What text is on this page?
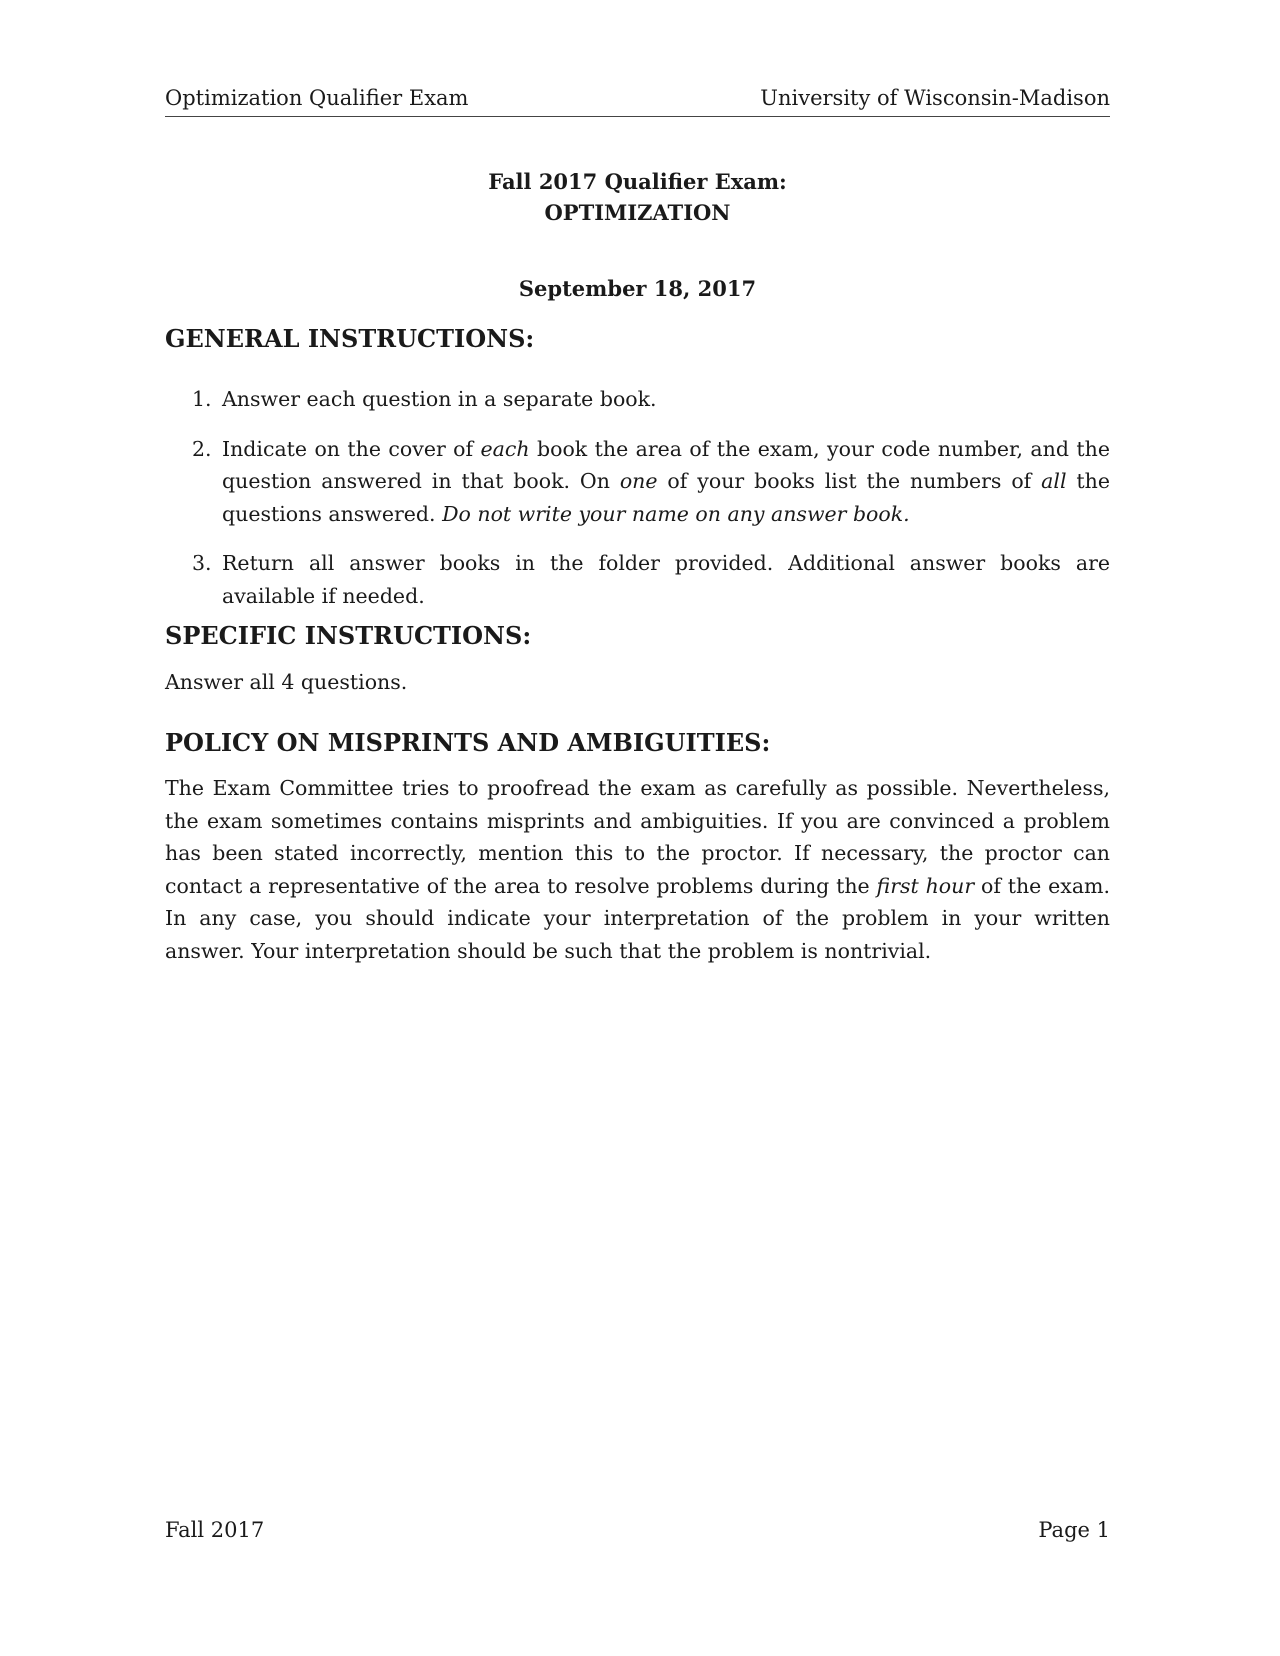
Optimization Qualifier Exam	University of Wisconsin-Madison
Fall 2017 Qualifier Exam:
OPTIMIZATION
September 18, 2017
GENERAL INSTRUCTIONS:
1. Answer each question in a separate book.
2. Indicate on the cover of each book the area of the exam, your code number, and the question answered in that book. On one of your books list the numbers of all the questions answered. Do not write your name on any answer book.
3. Return all answer books in the folder provided. Additional answer books are available if needed.
SPECIFIC INSTRUCTIONS:
Answer all 4 questions.
POLICY ON MISPRINTS AND AMBIGUITIES:
The Exam Committee tries to proofread the exam as carefully as possible. Nevertheless, the exam sometimes contains misprints and ambiguities. If you are convinced a problem has been stated incorrectly, mention this to the proctor. If necessary, the proctor can contact a representative of the area to resolve problems during the first hour of the exam. In any case, you should indicate your interpretation of the problem in your written answer. Your interpretation should be such that the problem is nontrivial.
Fall 2017	Page 1
